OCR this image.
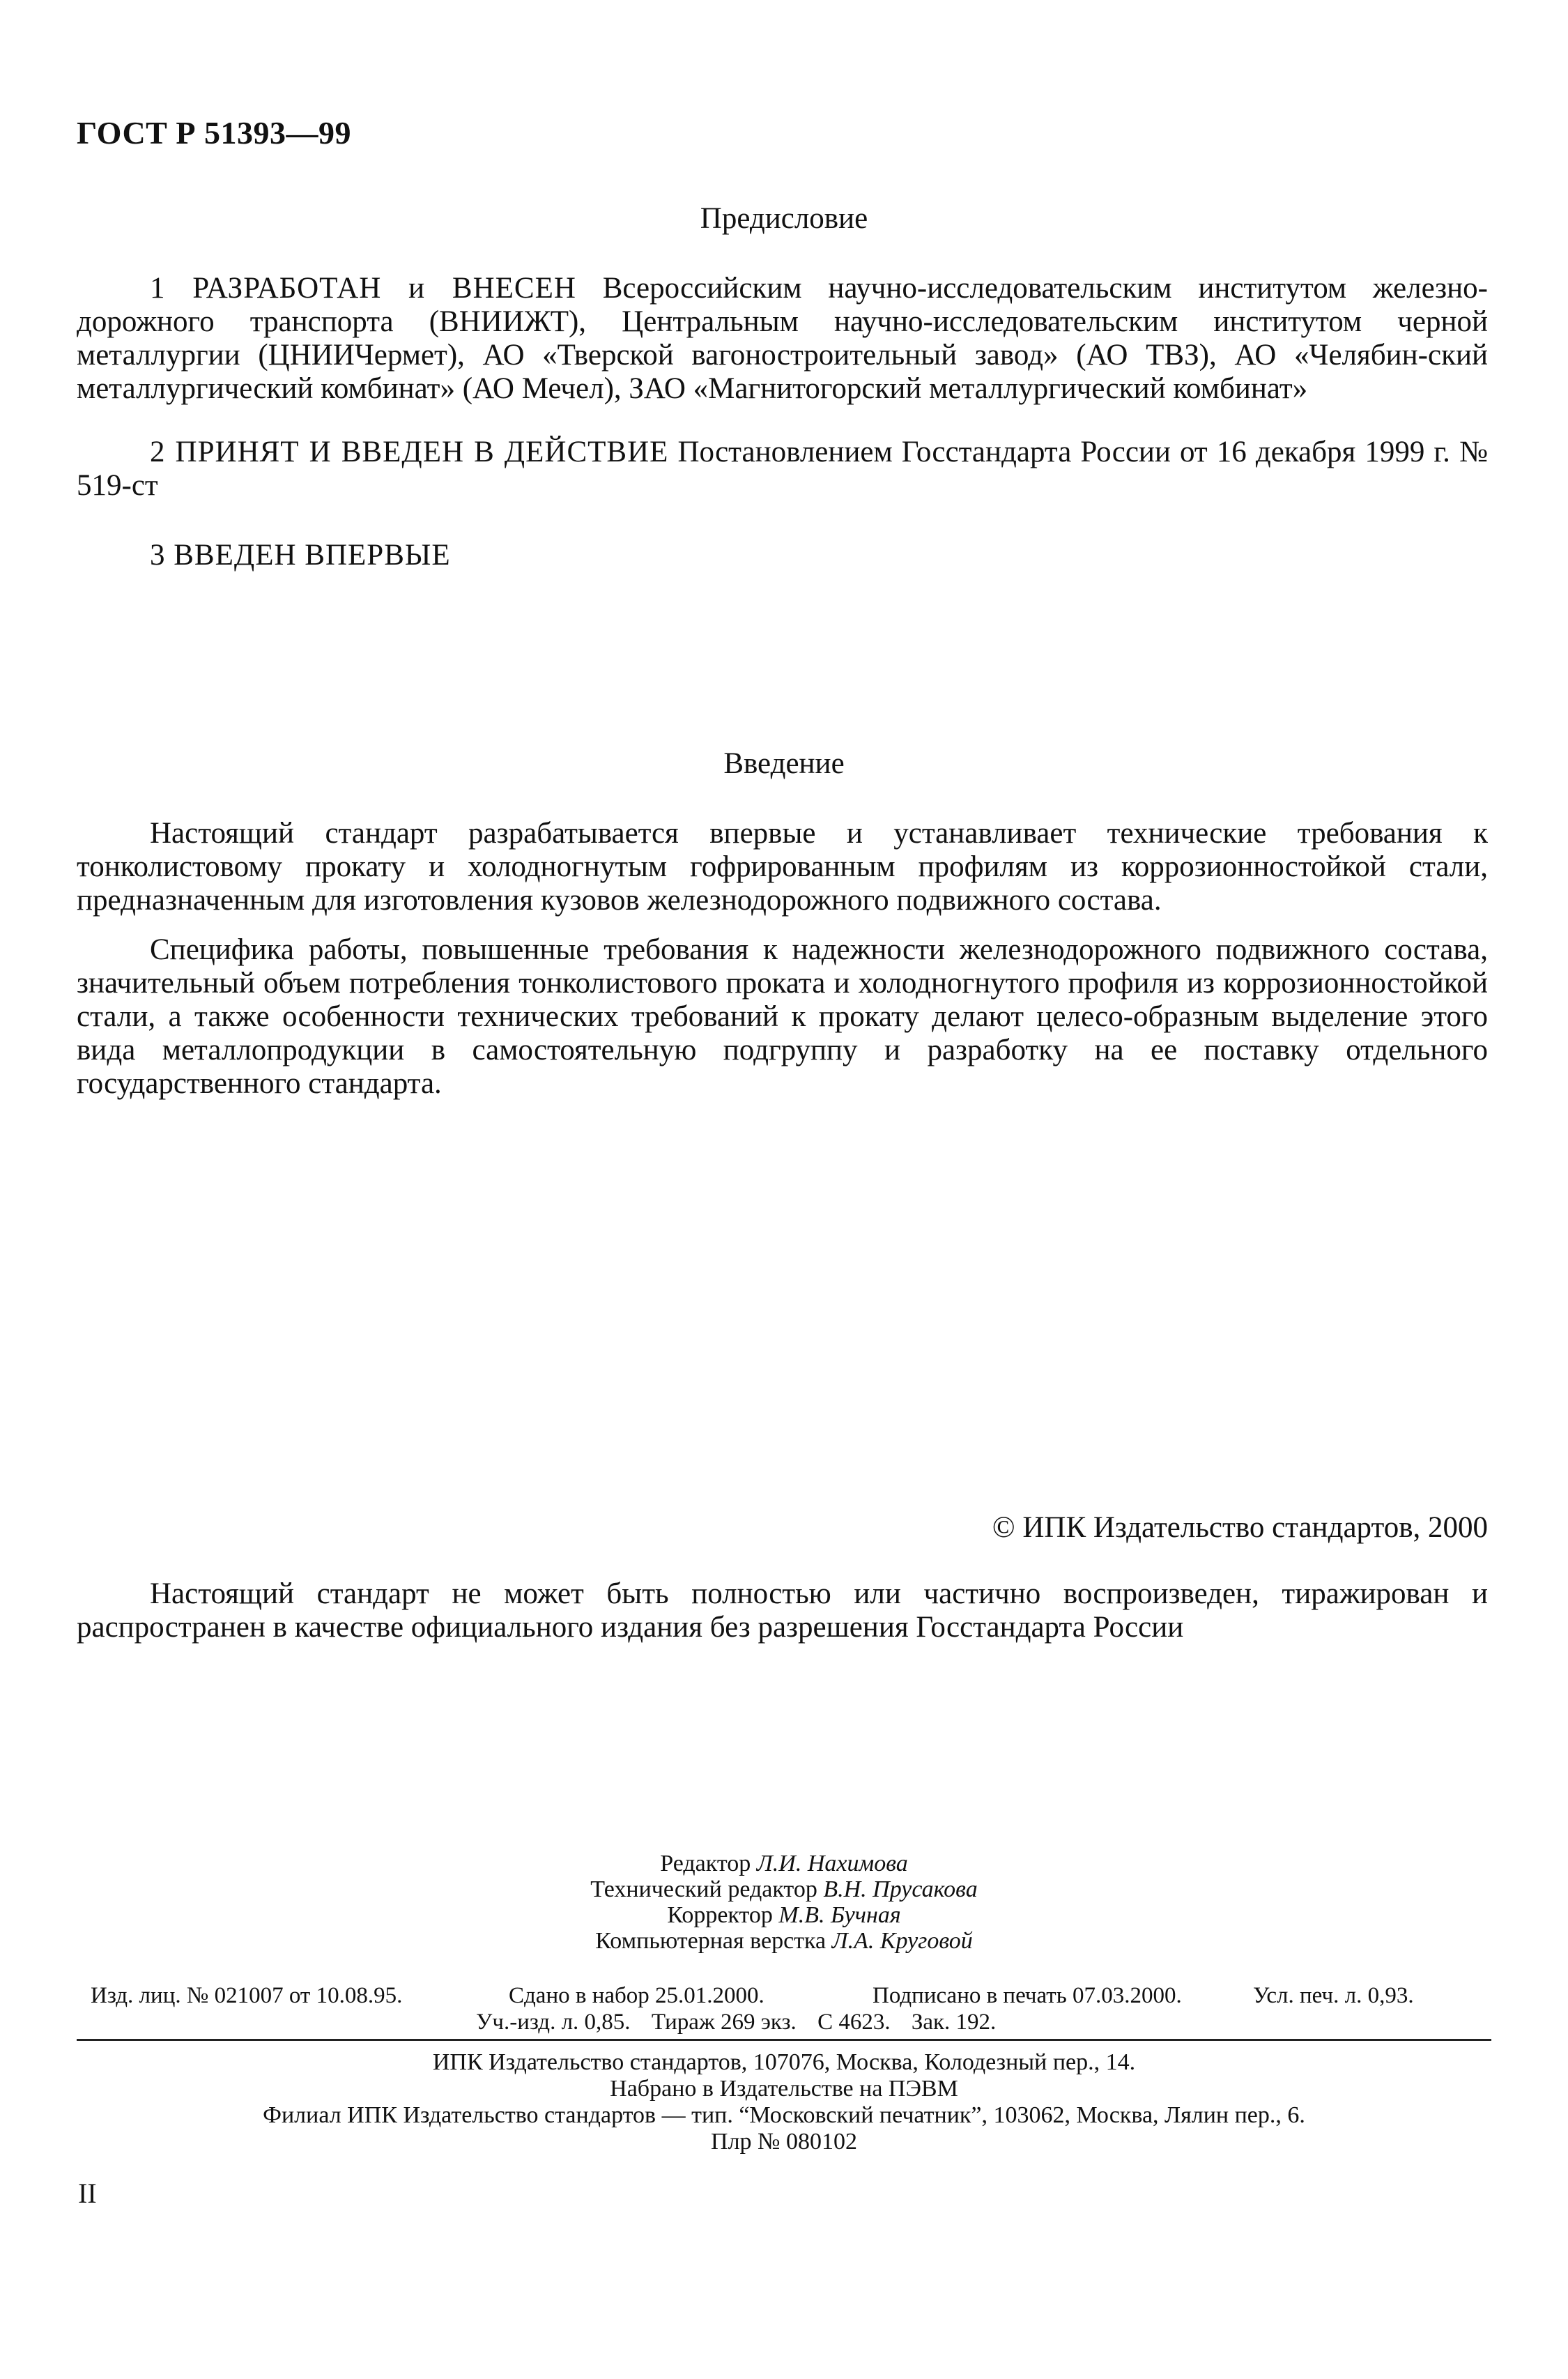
ГОСТ Р 51393—99
Предисловие
1 РАЗРАБОТАН и ВНЕСЕН Всероссийским научно-исследовательским институтом железно-дорожного транспорта (ВНИИЖТ), Центральным научно-исследовательским институтом черной металлургии (ЦНИИЧермет), АО «Тверской вагоностроительный завод» (АО ТВЗ), АО «Челябин-ский металлургический комбинат» (АО Мечел), ЗАО «Магнитогорский металлургический комбинат»
2 ПРИНЯТ И ВВЕДЕН В ДЕЙСТВИЕ Постановлением Госстандарта России от 16 декабря 1999 г. № 519-ст
3 ВВЕДЕН ВПЕРВЫЕ
Введение
Настоящий стандарт разрабатывается впервые и устанавливает технические требования к тонколистовому прокату и холодногнутым гофрированным профилям из коррозионностойкой стали, предназначенным для изготовления кузовов железнодорожного подвижного состава.
Специфика работы, повышенные требования к надежности железнодорожного подвижного состава, значительный объем потребления тонколистового проката и холодногнутого профиля из коррозионностойкой стали, а также особенности технических требований к прокату делают целесо-образным выделение этого вида металлопродукции в самостоятельную подгруппу и разработку на ее поставку отдельного государственного стандарта.
© ИПК Издательство стандартов, 2000
Настоящий стандарт не может быть полностью или частично воспроизведен, тиражирован и распространен в качестве официального издания без разрешения Госстандарта России
Редактор Л.И. Нахимова
Технический редактор В.Н. Прусакова
Корректор М.В. Бучная
Компьютерная верстка Л.А. Круговой
Изд. лиц. № 021007 от 10.08.95.	Сдано в набор 25.01.2000.	Подписано в печать 07.03.2000.	Усл. печ. л. 0,93.
Уч.-изд. л. 0,85. Тираж 269 экз. С 4623. Зак. 192.
ИПК Издательство стандартов, 107076, Москва, Колодезный пер., 14.
Набрано в Издательстве на ПЭВМ
Филиал ИПК Издательство стандартов — тип. “Московский печатник”, 103062, Москва, Лялин пер., 6.
Плр № 080102
II
